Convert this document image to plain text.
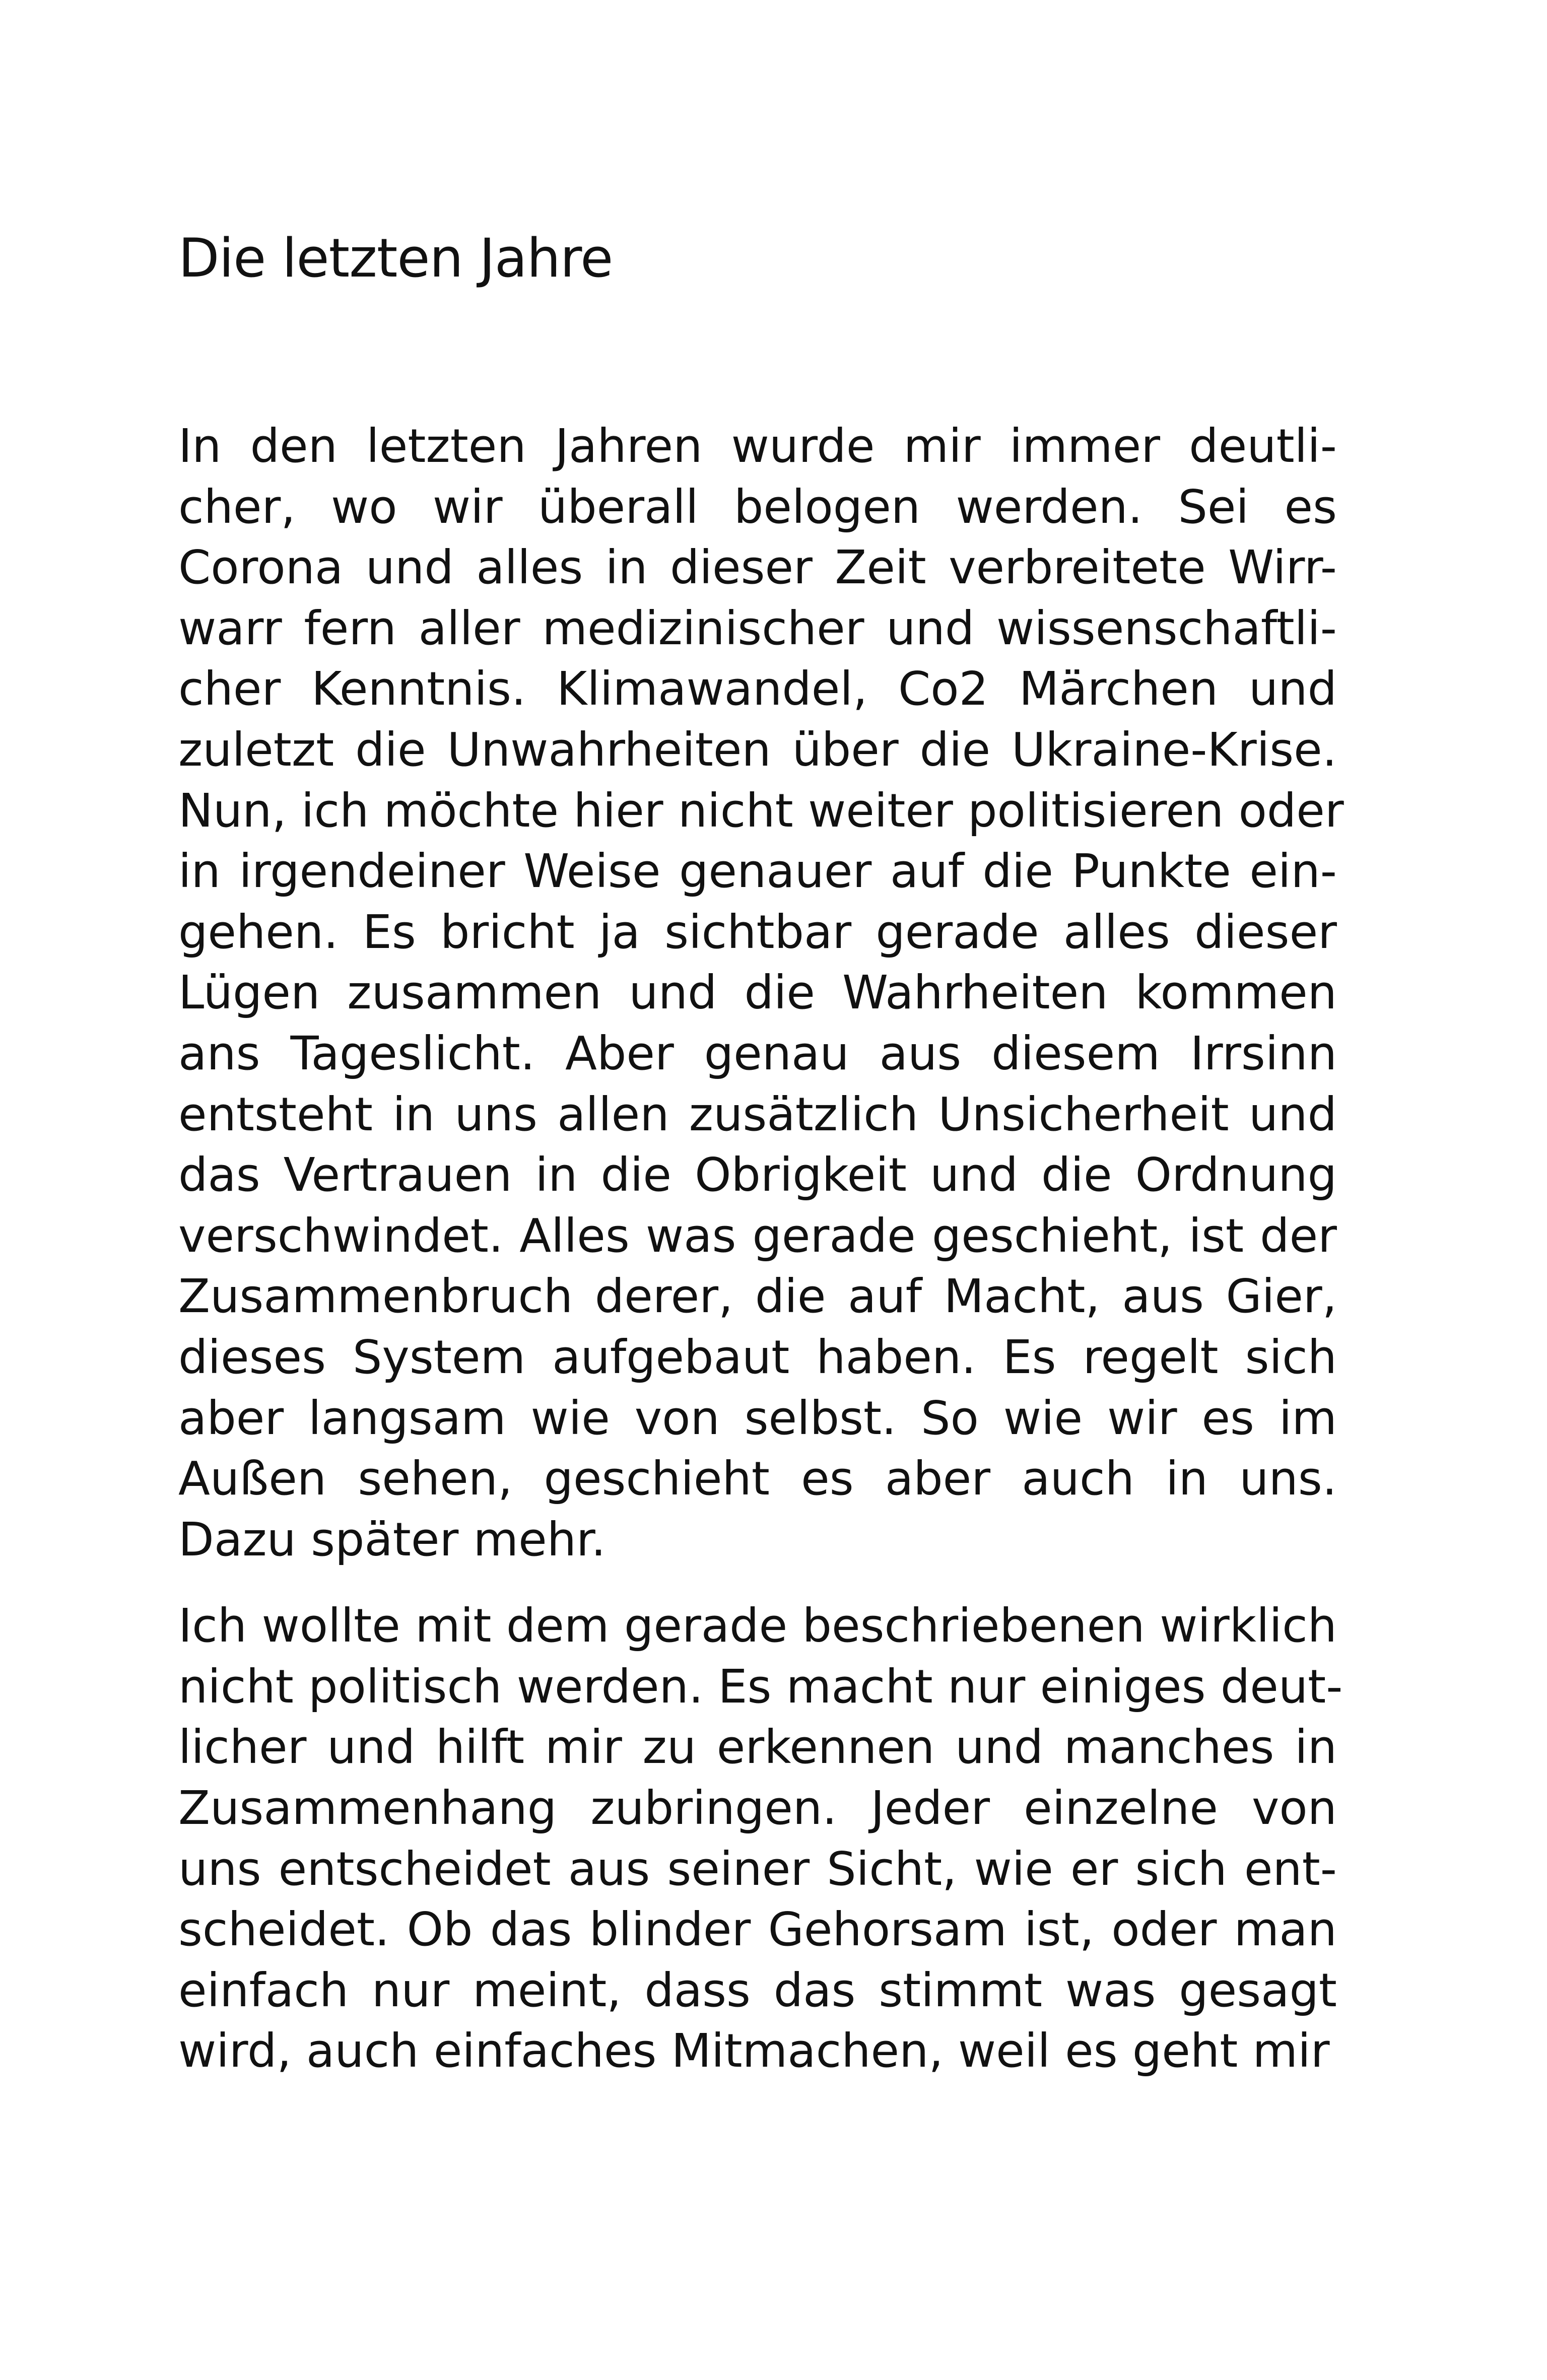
Die letzten Jahre

In den letzten Jahren wurde mir immer deutli-
cher, wo wir überall belogen werden. Sei es
Corona und alles in dieser Zeit verbreitete Wirr-
warr fern aller medizinischer und wissenschaftli-
cher Kenntnis. Klimawandel, Co2 Märchen und
zuletzt die Unwahrheiten über die Ukraine-Krise.
Nun, ich möchte hier nicht weiter politisieren oder
in irgendeiner Weise genauer auf die Punkte ein-
gehen. Es bricht ja sichtbar gerade alles dieser
Lügen zusammen und die Wahrheiten kommen
ans Tageslicht. Aber genau aus diesem Irrsinn
entsteht in uns allen zusätzlich Unsicherheit und
das Vertrauen in die Obrigkeit und die Ordnung
verschwindet. Alles was gerade geschieht, ist der
Zusammenbruch derer, die auf Macht, aus Gier,
dieses System aufgebaut haben. Es regelt sich
aber langsam wie von selbst. So wie wir es im
Außen sehen, geschieht es aber auch in uns.
Dazu später mehr.

Ich wollte mit dem gerade beschriebenen wirklich
nicht politisch werden. Es macht nur einiges deut-
licher und hilft mir zu erkennen und manches in
Zusammenhang zubringen. Jeder einzelne von
uns entscheidet aus seiner Sicht, wie er sich ent-
scheidet. Ob das blinder Gehorsam ist, oder man
einfach nur meint, dass das stimmt was gesagt
wird, auch einfaches Mitmachen, weil es geht mir
